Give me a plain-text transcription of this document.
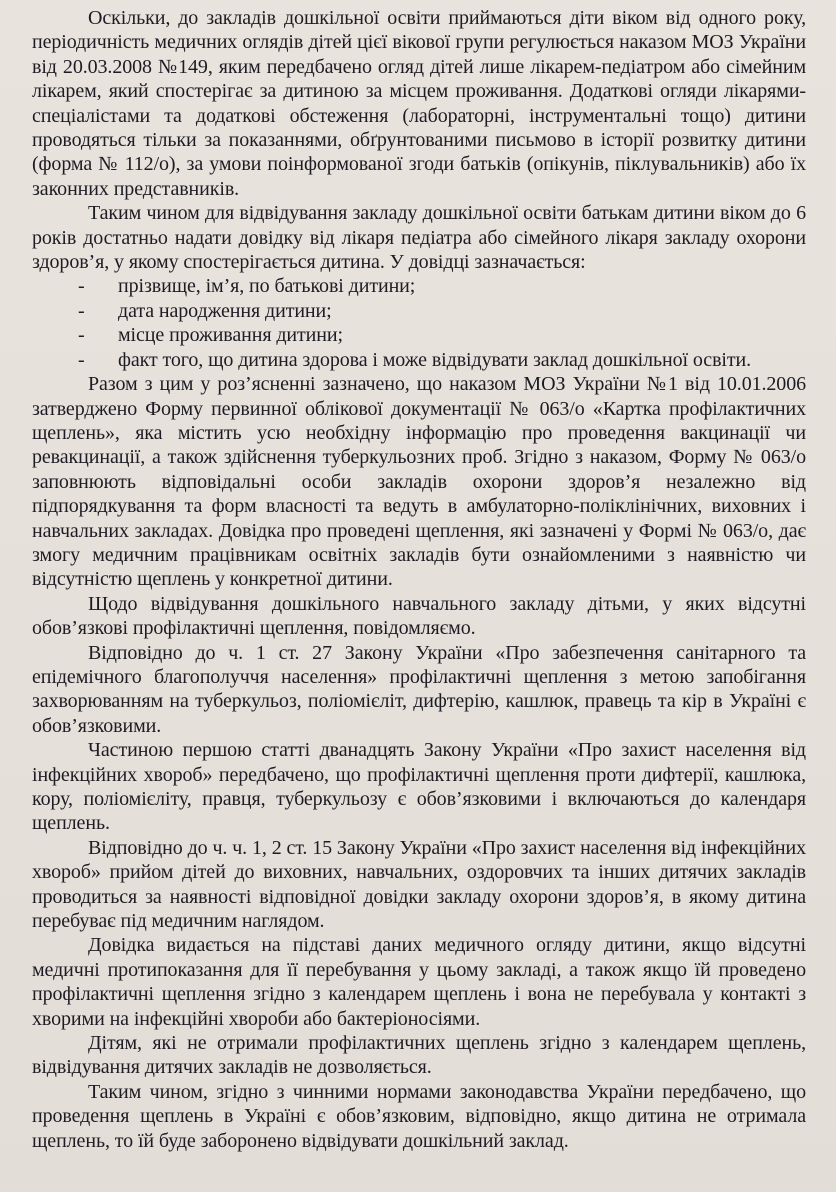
Оскільки, до закладів дошкільної освіти приймаються діти віком від одного року, періодичність медичних оглядів дітей цієї вікової групи регулюється наказом МОЗ України від 20.03.2008 №149, яким передбачено огляд дітей лише лікарем-педіатром або сімейним лікарем, який спостерігає за дитиною за місцем проживання. Додаткові огляди лікарями-спеціалістами та додаткові обстеження (лабораторні, інструментальні тощо) дитини проводяться тільки за показаннями, обґрунтованими письмово в історії розвитку дитини (форма № 112/о), за умови поінформованої згоди батьків (опікунів, піклувальників) або їх законних представників.

Таким чином для відвідування закладу дошкільної освіти батькам дитини віком до 6 років достатньо надати довідку від лікаря педіатра або сімейного лікаря закладу охорони здоров’я, у якому спостерігається дитина. У довідці зазначається:

- прізвище, ім’я, по батькові дитини;
- дата народження дитини;
- місце проживання дитини;
- факт того, що дитина здорова і може відвідувати заклад дошкільної освіти.

Разом з цим у роз’ясненні зазначено, що наказом МОЗ України №1 від 10.01.2006 затверджено Форму первинної облікової документації № 063/о «Картка профілактичних щеплень», яка містить усю необхідну інформацію про проведення вакцинації чи ревакцинації, а також здійснення туберкульозних проб. Згідно з наказом, Форму № 063/о заповнюють відповідальні особи закладів охорони здоров’я незалежно від підпорядкування та форм власності та ведуть в амбулаторно-поліклінічних, виховних і навчальних закладах. Довідка про проведені щеплення, які зазначені у Формі № 063/о, дає змогу медичним працівникам освітніх закладів бути ознайомленими з наявністю чи відсутністю щеплень у конкретної дитини.

Щодо відвідування дошкільного навчального закладу дітьми, у яких відсутні обов’язкові профілактичні щеплення, повідомляємо.

Відповідно до ч. 1 ст. 27 Закону України «Про забезпечення санітарного та епідемічного благополуччя населення» профілактичні щеплення з метою запобігання захворюванням на туберкульоз, поліомієліт, дифтерію, кашлюк, правець та кір в Україні є обов’язковими.

Частиною першою статті дванадцять Закону України «Про захист населення від інфекційних хвороб» передбачено, що профілактичні щеплення проти дифтерії, кашлюка, кору, поліомієліту, правця, туберкульозу є обов’язковими і включаються до календаря щеплень.

Відповідно до ч. ч. 1, 2 ст. 15 Закону України «Про захист населення від інфекційних хвороб» прийом дітей до виховних, навчальних, оздоровчих та інших дитячих закладів проводиться за наявності відповідної довідки закладу охорони здоров’я, в якому дитина перебуває під медичним наглядом.

Довідка видається на підставі даних медичного огляду дитини, якщо відсутні медичні протипоказання для її перебування у цьому закладі, а також якщо їй проведено профілактичні щеплення згідно з календарем щеплень і вона не перебувала у контакті з хворими на інфекційні хвороби або бактеріоносіями.

Дітям, які не отримали профілактичних щеплень згідно з календарем щеплень, відвідування дитячих закладів не дозволяється.

Таким чином, згідно з чинними нормами законодавства України передбачено, що проведення щеплень в Україні є обов’язковим, відповідно, якщо дитина не отримала щеплень, то їй буде заборонено відвідувати дошкільний заклад.
